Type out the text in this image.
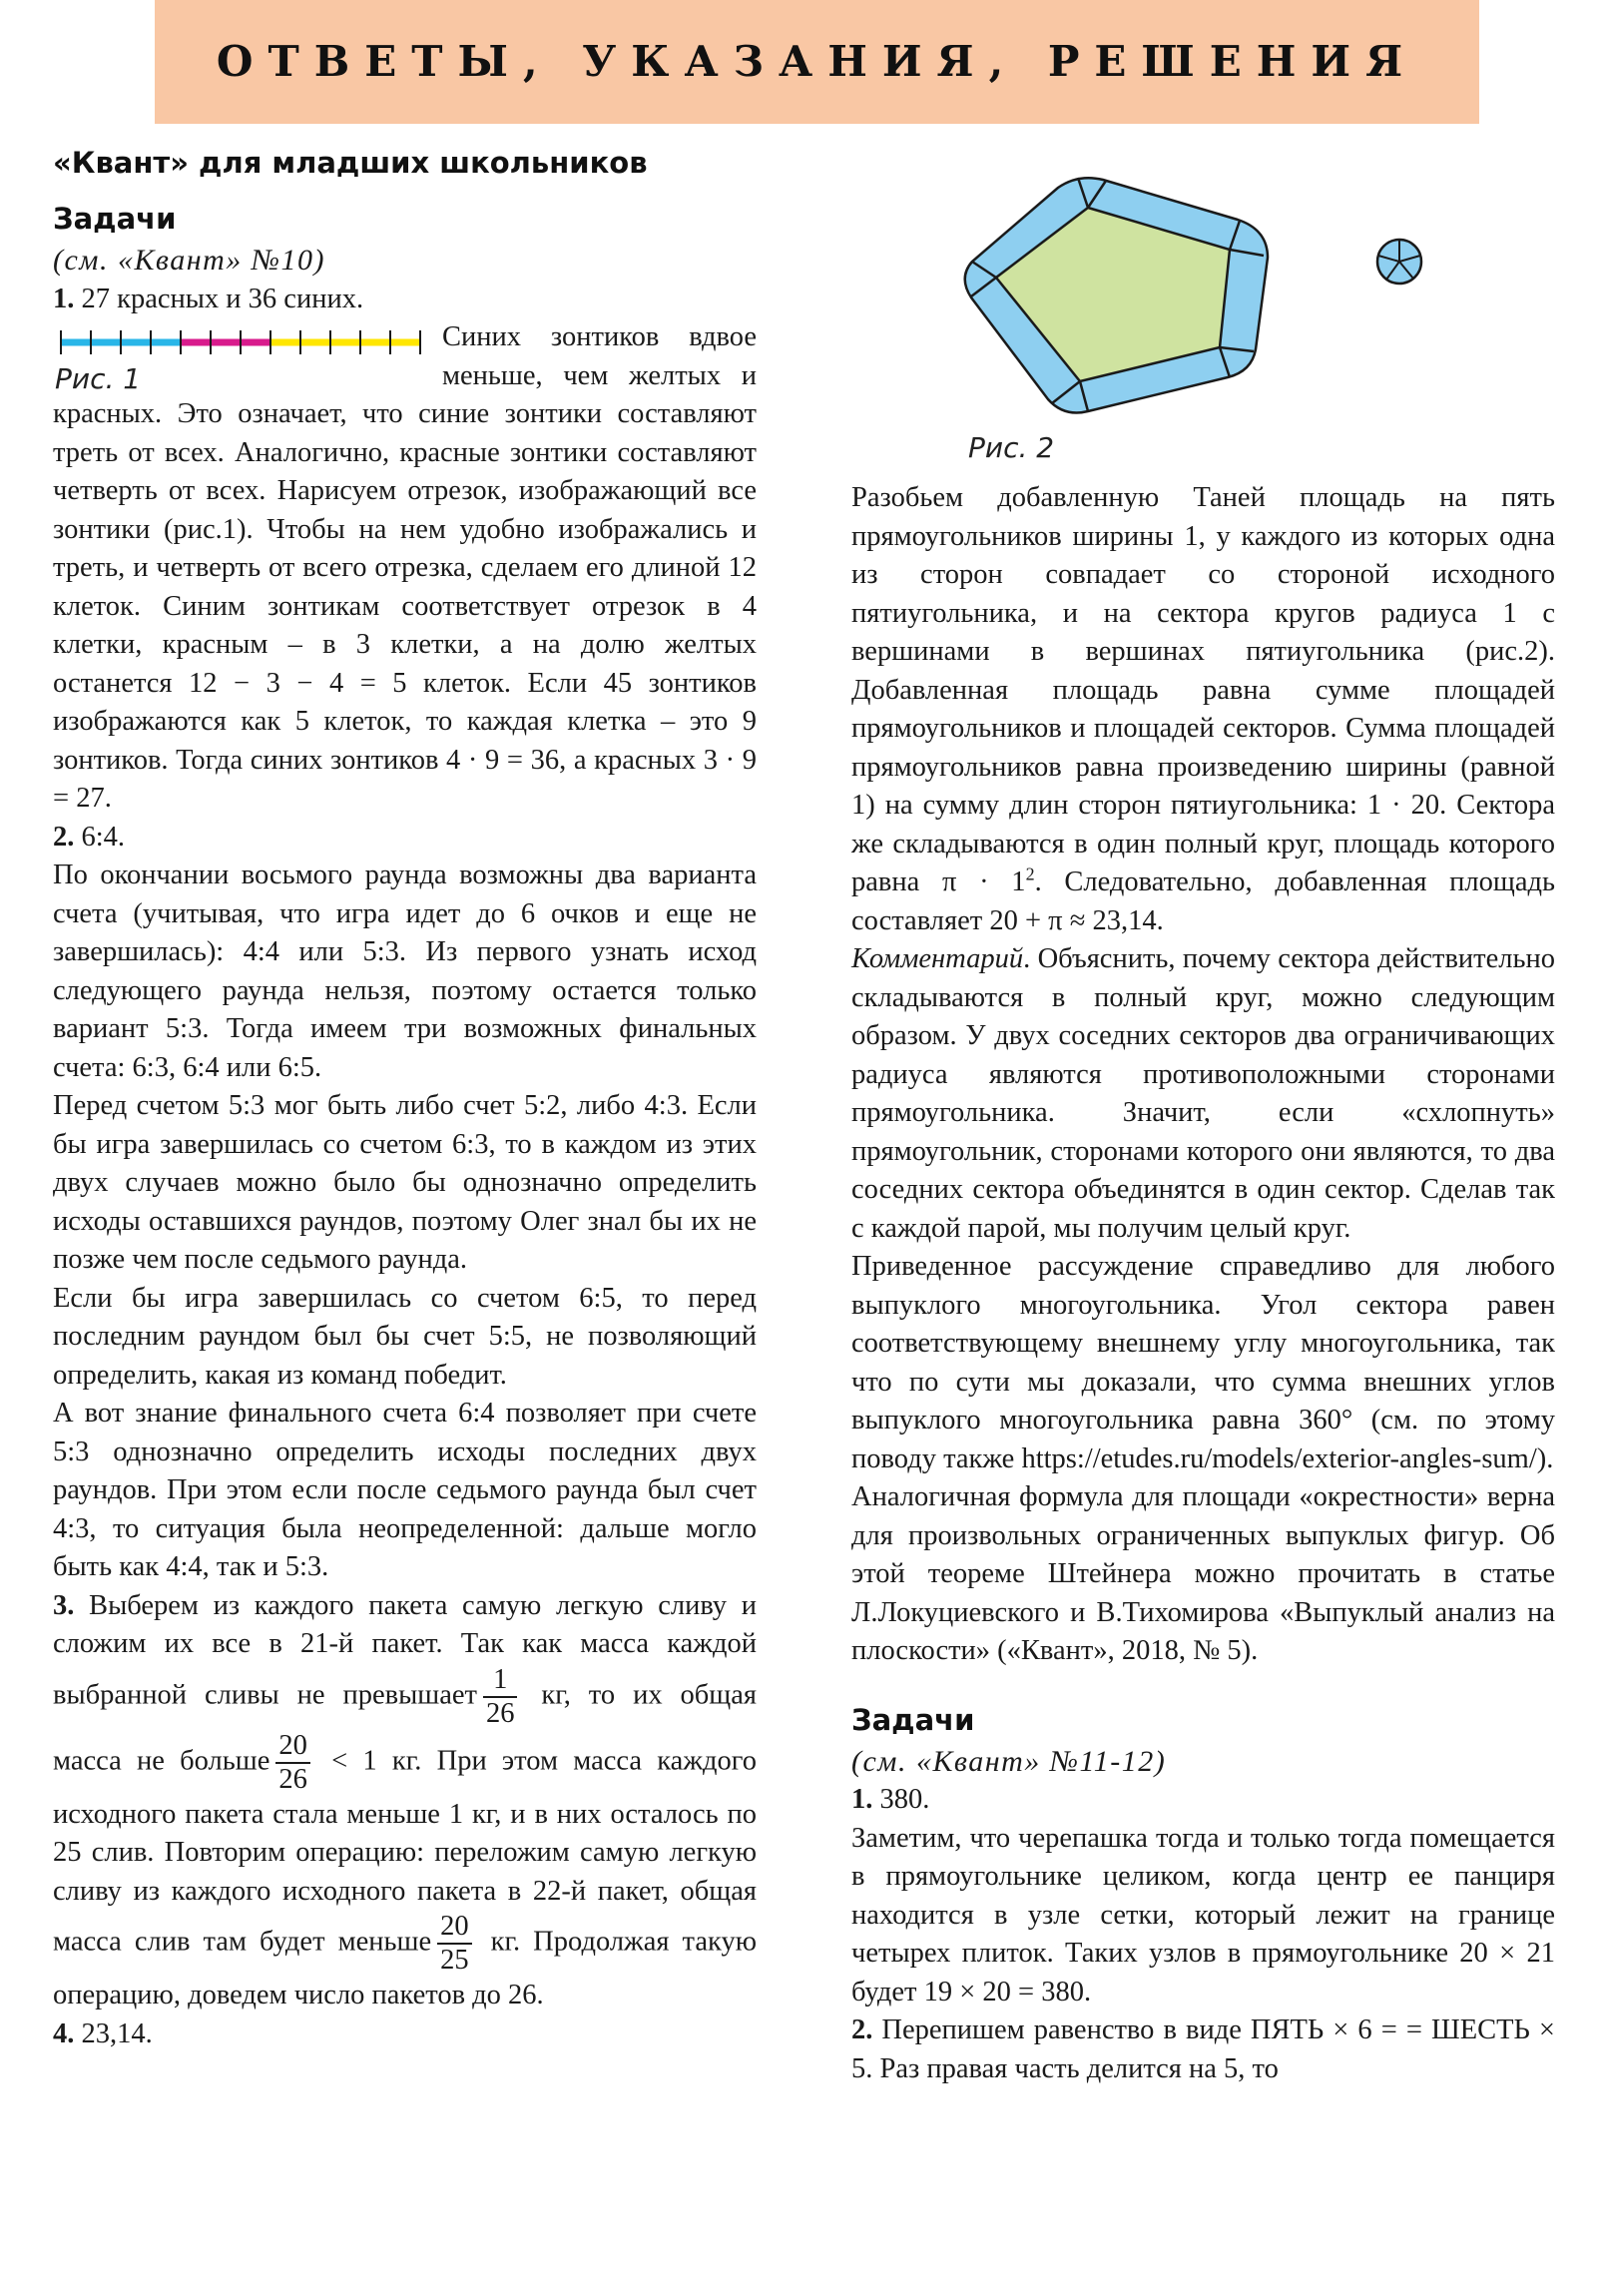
ОТВЕТЫ, УКАЗАНИЯ, РЕШЕНИЯ

«Квант» для младших школьников

Задачи

(см. «Квант» №10)

1. 27 красных и 36 синих.

Рис. 1
Синих зонтиков вдвое меньше, чем желтых и красных. Это означает, что синие зонтики составляют треть от всех. Аналогично, красные зонтики составляют четверть от всех. Нарисуем отрезок, изображающий все зонтики (рис.1). Чтобы на нем удобно изображались и треть, и четверть от всего отрезка, сделаем его длиной 12 клеток. Синим зонтикам соответствует отрезок в 4 клетки, красным – в 3 клетки, а на долю желтых останется 12 − 3 − 4 = 5 клеток. Если 45 зонтиков изображаются как 5 клеток, то каждая клетка – это 9 зонтиков. Тогда синих зонтиков 4 · 9 = 36, а красных 3 · 9 = 27.

2. 6:4.

По окончании восьмого раунда возможны два варианта счета (учитывая, что игра идет до 6 очков и еще не завершилась): 4:4 или 5:3. Из первого узнать исход следующего раунда нельзя, поэтому остается только вариант 5:3. Тогда имеем три возможных финальных счета: 6:3, 6:4 или 6:5.

Перед счетом 5:3 мог быть либо счет 5:2, либо 4:3. Если бы игра завершилась со счетом 6:3, то в каждом из этих двух случаев можно было бы однозначно определить исходы оставшихся раундов, поэтому Олег знал бы их не позже чем после седьмого раунда.

Если бы игра завершилась со счетом 6:5, то перед последним раундом был бы счет 5:5, не позволяющий определить, какая из команд победит.

А вот знание финального счета 6:4 позволяет при счете 5:3 однозначно определить исходы последних двух раундов. При этом если после седьмого раунда был счет 4:3, то ситуация была неопределенной: дальше могло быть как 4:4, так и 5:3.

3. Выберем из каждого пакета самую легкую сливу и сложим их все в 21-й пакет. Так как масса каждой выбранной сливы не превышает $\frac{1}{26}$ кг, то их общая масса не больше $\frac{20}{26} < 1$ кг. При этом масса каждого исходного пакета стала меньше 1 кг, и в них осталось по 25 слив. Повторим операцию: переложим самую легкую сливу из каждого исходного пакета в 22-й пакет, общая масса слив там будет меньше $\frac{20}{25}$ кг. Продолжая такую операцию, доведем число пакетов до 26.

4. 23,14.

Рис. 2

Разобьем добавленную Таней площадь на пять прямоугольников ширины 1, у каждого из которых одна из сторон совпадает со стороной исходного пятиугольника, и на сектора кругов радиуса 1 с вершинами в вершинах пятиугольника (рис.2). Добавленная площадь равна сумме площадей прямоугольников и площадей секторов. Сумма площадей прямоугольников равна произведению ширины (равной 1) на сумму длин сторон пятиугольника: 1 · 20. Сектора же складываются в один полный круг, площадь которого равна $\pi \cdot 1^2$. Следовательно, добавленная площадь составляет 20 + π ≈ 23,14.

Комментарий. Объяснить, почему сектора действительно складываются в полный круг, можно следующим образом. У двух соседних секторов два ограничивающих радиуса являются противоположными сторонами прямоугольника. Значит, если «схлопнуть» прямоугольник, сторонами которого они являются, то два соседних сектора объединятся в один сектор. Сделав так с каждой парой, мы получим целый круг.

Приведенное рассуждение справедливо для любого выпуклого многоугольника. Угол сектора равен соответствующему внешнему углу многоугольника, так что по сути мы доказали, что сумма внешних углов выпуклого многоугольника равна 360° (см. по этому поводу также https://etudes.ru/models/exterior-angles-sum/).

Аналогичная формула для площади «окрестности» верна для произвольных ограниченных выпуклых фигур. Об этой теореме Штейнера можно прочитать в статье Л.Локуциевского и В.Тихомирова «Выпуклый анализ на плоскости» («Квант», 2018, № 5).

Задачи

(см. «Квант» №11-12)

1. 380.

Заметим, что черепашка тогда и только тогда помещается в прямоугольнике целиком, когда центр ее панциря находится в узле сетки, который лежит на границе четырех плиток. Таких узлов в прямоугольнике 20 × 21 будет 19 × 20 = 380.

2. Перепишем равенство в виде ПЯТЬ × 6 = = ШЕСТЬ × 5. Раз правая часть делится на 5, то
